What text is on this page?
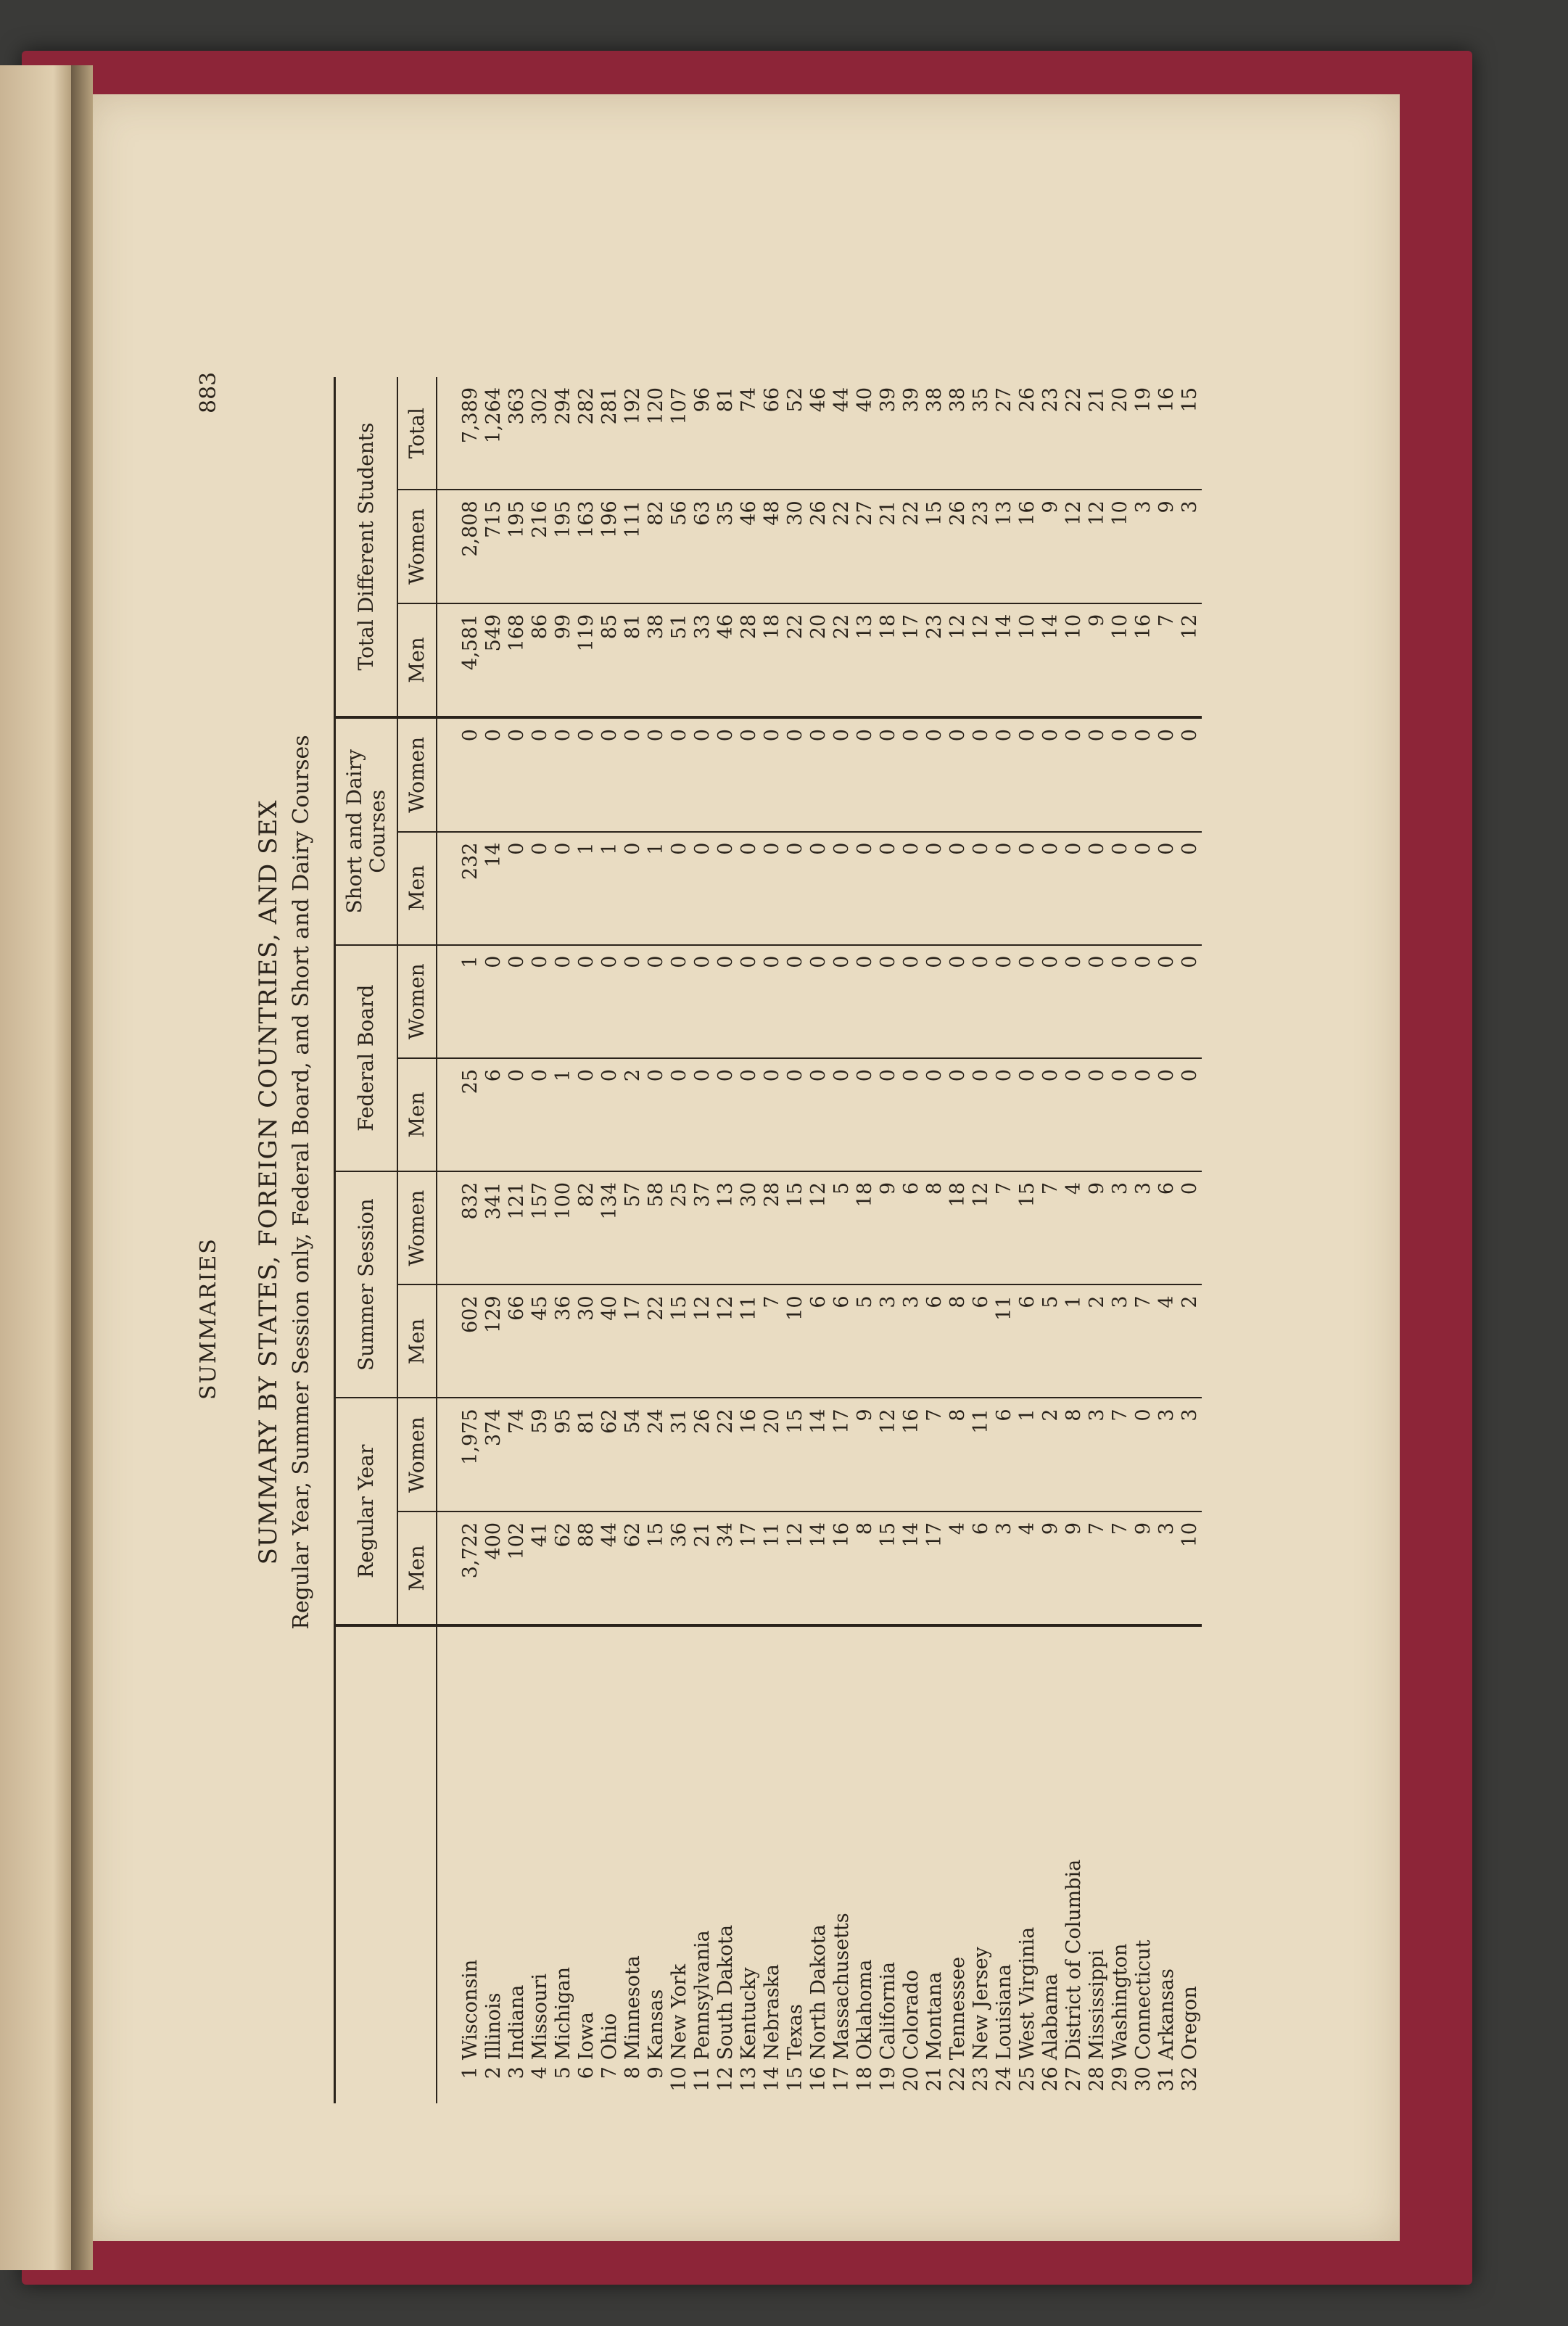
SUMMARIES
883
SUMMARY BY STATES, FOREIGN COUNTRIES, AND SEX Regular Year, Summer Session only, Federal Board, and Short and Dairy Courses
		Regular Year		Summer Session		Federal Board		Short and Dairy Courses		Total Different Students		
		Men	Women	Men	Women	Men	Women	Men	Women	Men	Women	Total
1	Wisconsin	3,722	1,975	602	832	25	1	232	0	4,581	2,808	7,389
2	Illinois	400	374	129	341	6	0	14	0	549	715	1,264
3	Indiana	102	74	66	121	0	0	0	0	168	195	363
4	Missouri	41	59	45	157	0	0	0	0	86	216	302
5	Michigan	62	95	36	100	1	0	0	0	99	195	294
6	Iowa	88	81	30	82	0	0	1	0	119	163	282
7	Ohio	44	62	40	134	0	0	1	0	85	196	281
8	Minnesota	62	54	17	57	2	0	0	0	81	111	192
9	Kansas	15	24	22	58	0	0	1	0	38	82	120
10	New York	36	31	15	25	0	0	0	0	51	56	107
11	Pennsylvania	21	26	12	37	0	0	0	0	33	63	96
12	South Dakota	34	22	12	13	0	0	0	0	46	35	81
13	Kentucky	17	16	11	30	0	0	0	0	28	46	74
14	Nebraska	11	20	7	28	0	0	0	0	18	48	66
15	Texas	12	15	10	15	0	0	0	0	22	30	52
16	North Dakota	14	14	6	12	0	0	0	0	20	26	46
17	Massachusetts	16	17	6	5	0	0	0	0	22	22	44
18	Oklahoma	8	9	5	18	0	0	0	0	13	27	40
19	California	15	12	3	9	0	0	0	0	18	21	39
20	Colorado	14	16	3	6	0	0	0	0	17	22	39
21	Montana	17	7	6	8	0	0	0	0	23	15	38
22	Tennessee	4	8	8	18	0	0	0	0	12	26	38
23	New Jersey	6	11	6	12	0	0	0	0	12	23	35
24	Louisiana	3	6	11	7	0	0	0	0	14	13	27
25	West Virginia	4	1	6	15	0	0	0	0	10	16	26
26	Alabama	9	2	5	7	0	0	0	0	14	9	23
27	District of Columbia	9	8	1	4	0	0	0	0	10	12	22
28	Mississippi	7	3	2	9	0	0	0	0	9	12	21
29	Washington	7	7	3	3	0	0	0	0	10	10	20
30	Connecticut	9	0	7	3	0	0	0	0	16	3	19
31	Arkansas	3	3	4	6	0	0	0	0	7	9	16
32	Oregon	10	3	2	0	0	0	0	0	12	3	15
